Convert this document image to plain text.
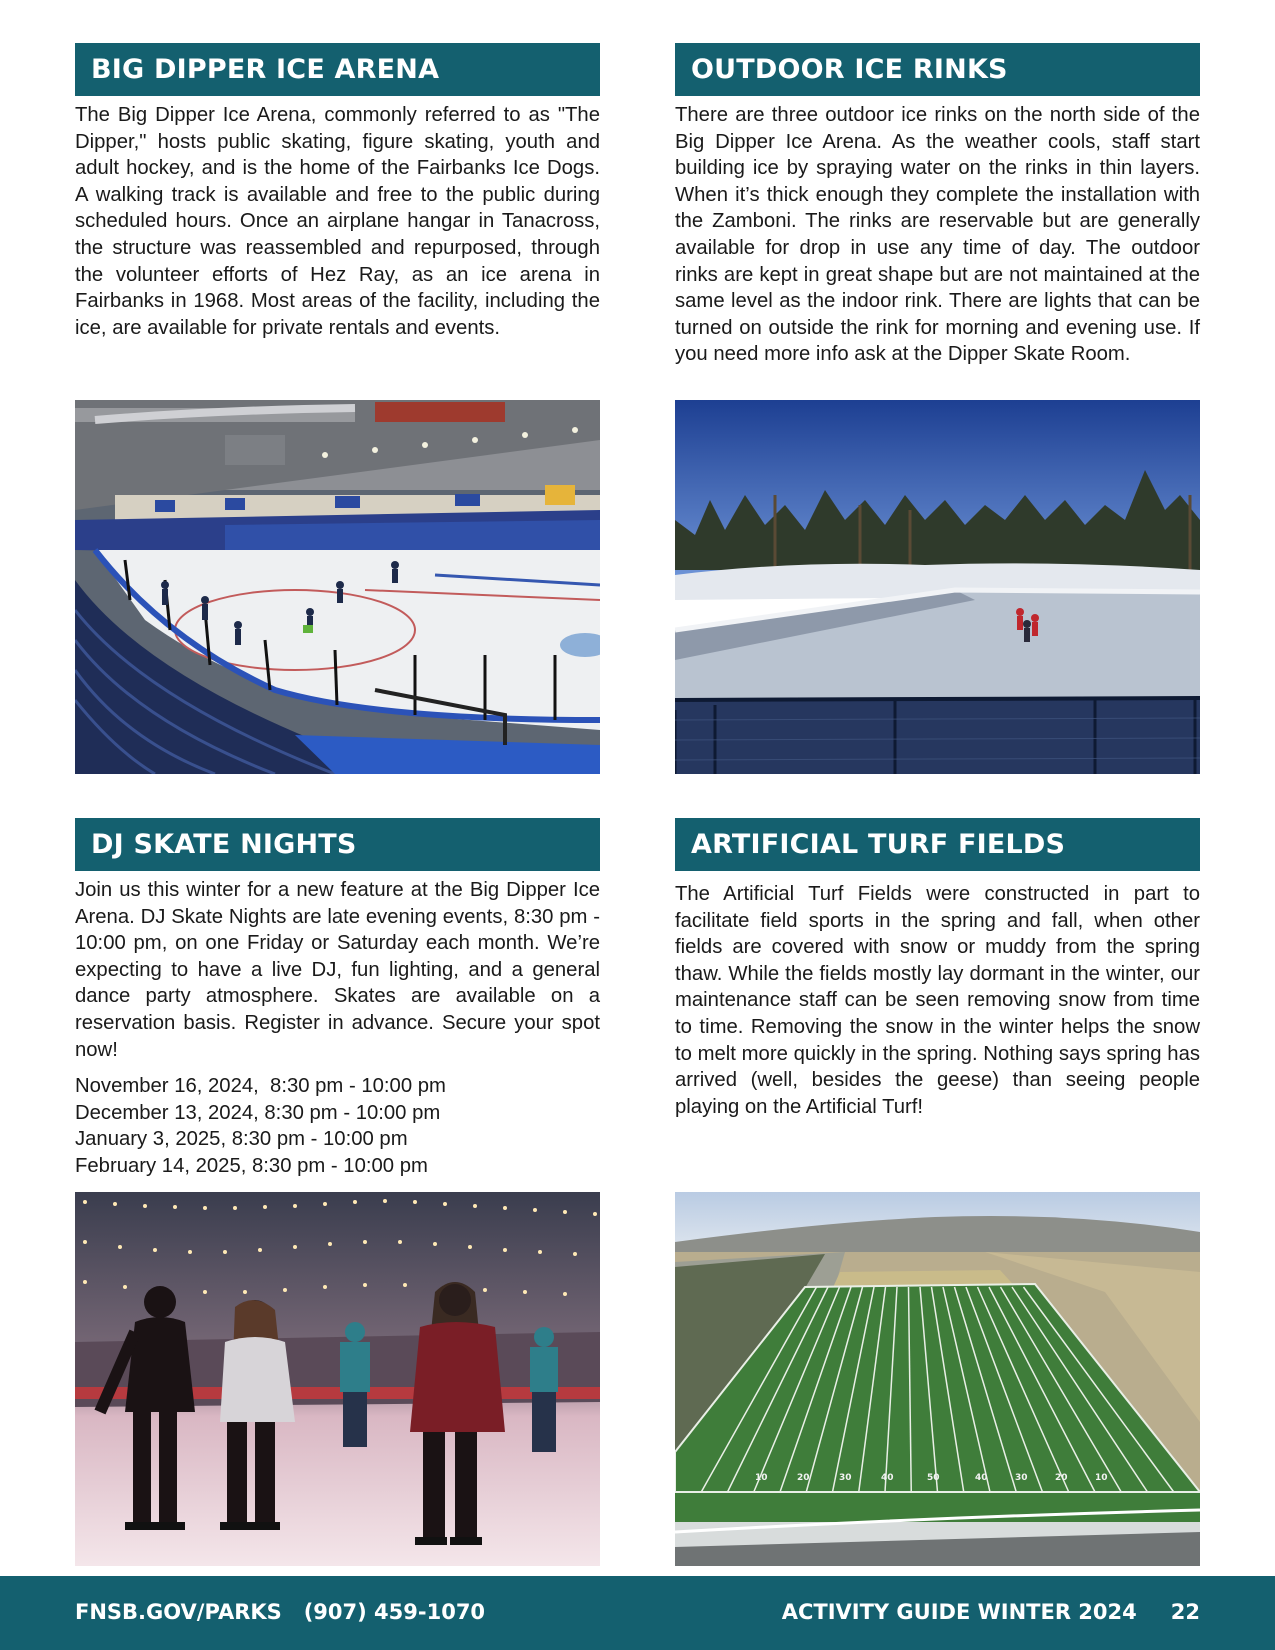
BIG DIPPER ICE ARENA

The Big Dipper Ice Arena, commonly referred to as "The Dipper," hosts public skating, figure skating, youth and adult hockey, and is the home of the Fairbanks Ice Dogs. A walking track is available and free to the public during scheduled hours. Once an airplane hangar in Tanacross, the structure was reassembled and repurposed, through the volunteer efforts of Hez Ray, as an ice arena in Fairbanks in 1968. Most areas of the facility, including the ice, are available for private rentals and events.

OUTDOOR ICE RINKS

There are three outdoor ice rinks on the north side of the Big Dipper Ice Arena. As the weather cools, staff start building ice by spraying water on the rinks in thin layers. When it’s thick enough they complete the installation with the Zamboni. The rinks are reservable but are generally available for drop in use any time of day. The outdoor rinks are kept in great shape but are not maintained at the same level as the indoor rink. There are lights that can be turned on outside the rink for morning and evening use. If you need more info ask at the Dipper Skate Room.

DJ SKATE NIGHTS

Join us this winter for a new feature at the Big Dipper Ice Arena. DJ Skate Nights are late evening events, 8:30 pm - 10:00 pm, on one Friday or Saturday each month. We’re expecting to have a live DJ, fun lighting, and a general dance party atmosphere. Skates are available on a reservation basis. Register in advance. Secure your spot now!

November 16, 2024,  8:30 pm - 10:00 pm
December 13, 2024, 8:30 pm - 10:00 pm
January 3, 2025, 8:30 pm - 10:00 pm
February 14, 2025, 8:30 pm - 10:00 pm
ARTIFICIAL TURF FIELDS

The Artificial Turf Fields were constructed in part to facilitate field sports in the spring and fall, when other fields are covered with snow or muddy from the spring thaw. While the fields mostly lay dormant in the winter, our maintenance staff can be seen removing snow from time to time. Removing the snow in the winter helps the snow to melt more quickly in the spring. Nothing says spring has arrived (well, besides the geese) than seeing people playing on the Artificial Turf!

10	20	30	40	50	40	30	20	10
FNSB.GOV/PARKS (907) 459-1070	ACTIVITY GUIDE WINTER 2024 22
